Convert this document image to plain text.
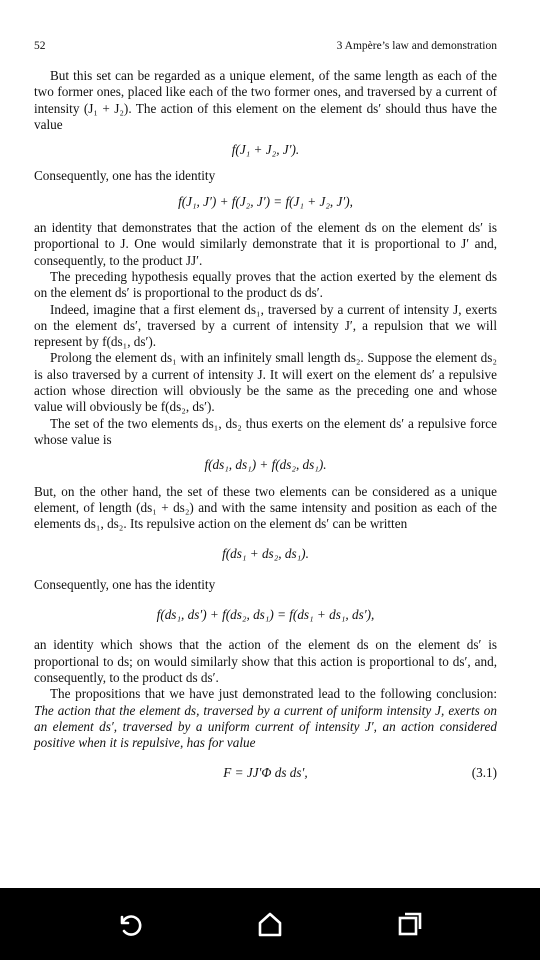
52	3 Ampère’s law and demonstration

But this set can be regarded as a unique element, of the same length as each of the two former ones, placed like each of the two former ones, and traversed by a current of intensity (J₁ + J₂). The action of this element on the element ds′ should thus have the value

f(J₁ + J₂, J′).

Consequently, one has the identity

f(J₁, J′) + f(J₂, J′) = f(J₁ + J₂, J′),

an identity that demonstrates that the action of the element ds on the element ds′ is proportional to J. One would similarly demonstrate that it is proportional to J′ and, consequently, to the product JJ′.

The preceding hypothesis equally proves that the action exerted by the element ds on the element ds′ is proportional to the product ds ds′.

Indeed, imagine that a first element ds₁, traversed by a current of intensity J, exerts on the element ds′, traversed by a current of intensity J′, a repulsion that we will represent by f(ds₁, ds′).

Prolong the element ds₁ with an infinitely small length ds₂. Suppose the element ds₂ is also traversed by a current of intensity J. It will exert on the element ds′ a repulsive action whose direction will obviously be the same as the preceding one and whose value will obviously be f(ds₂, ds′).

The set of the two elements ds₁, ds₂ thus exerts on the element ds′ a repulsive force whose value is

f(ds₁, ds₁) + f(ds₂, ds₁).

But, on the other hand, the set of these two elements can be considered as a unique element, of length (ds₁ + ds₂) and with the same intensity and position as each of the elements ds₁, ds₂. Its repulsive action on the element ds′ can be written

f(ds₁ + ds₂, ds₁).

Consequently, one has the identity

f(ds₁, ds′) + f(ds₂, ds₁) = f(ds₁ + ds₁, ds′),

an identity which shows that the action of the element ds on the element ds′ is proportional to ds; on would similarly show that this action is proportional to ds′, and, consequently, to the product ds ds′.

The propositions that we have just demonstrated lead to the following conclusion: The action that the element ds, traversed by a current of uniform intensity J, exerts on an element ds′, traversed by a uniform current of intensity J′, an action considered positive when it is repulsive, has for value

F = JJ′Φ ds ds′,	(3.1)
